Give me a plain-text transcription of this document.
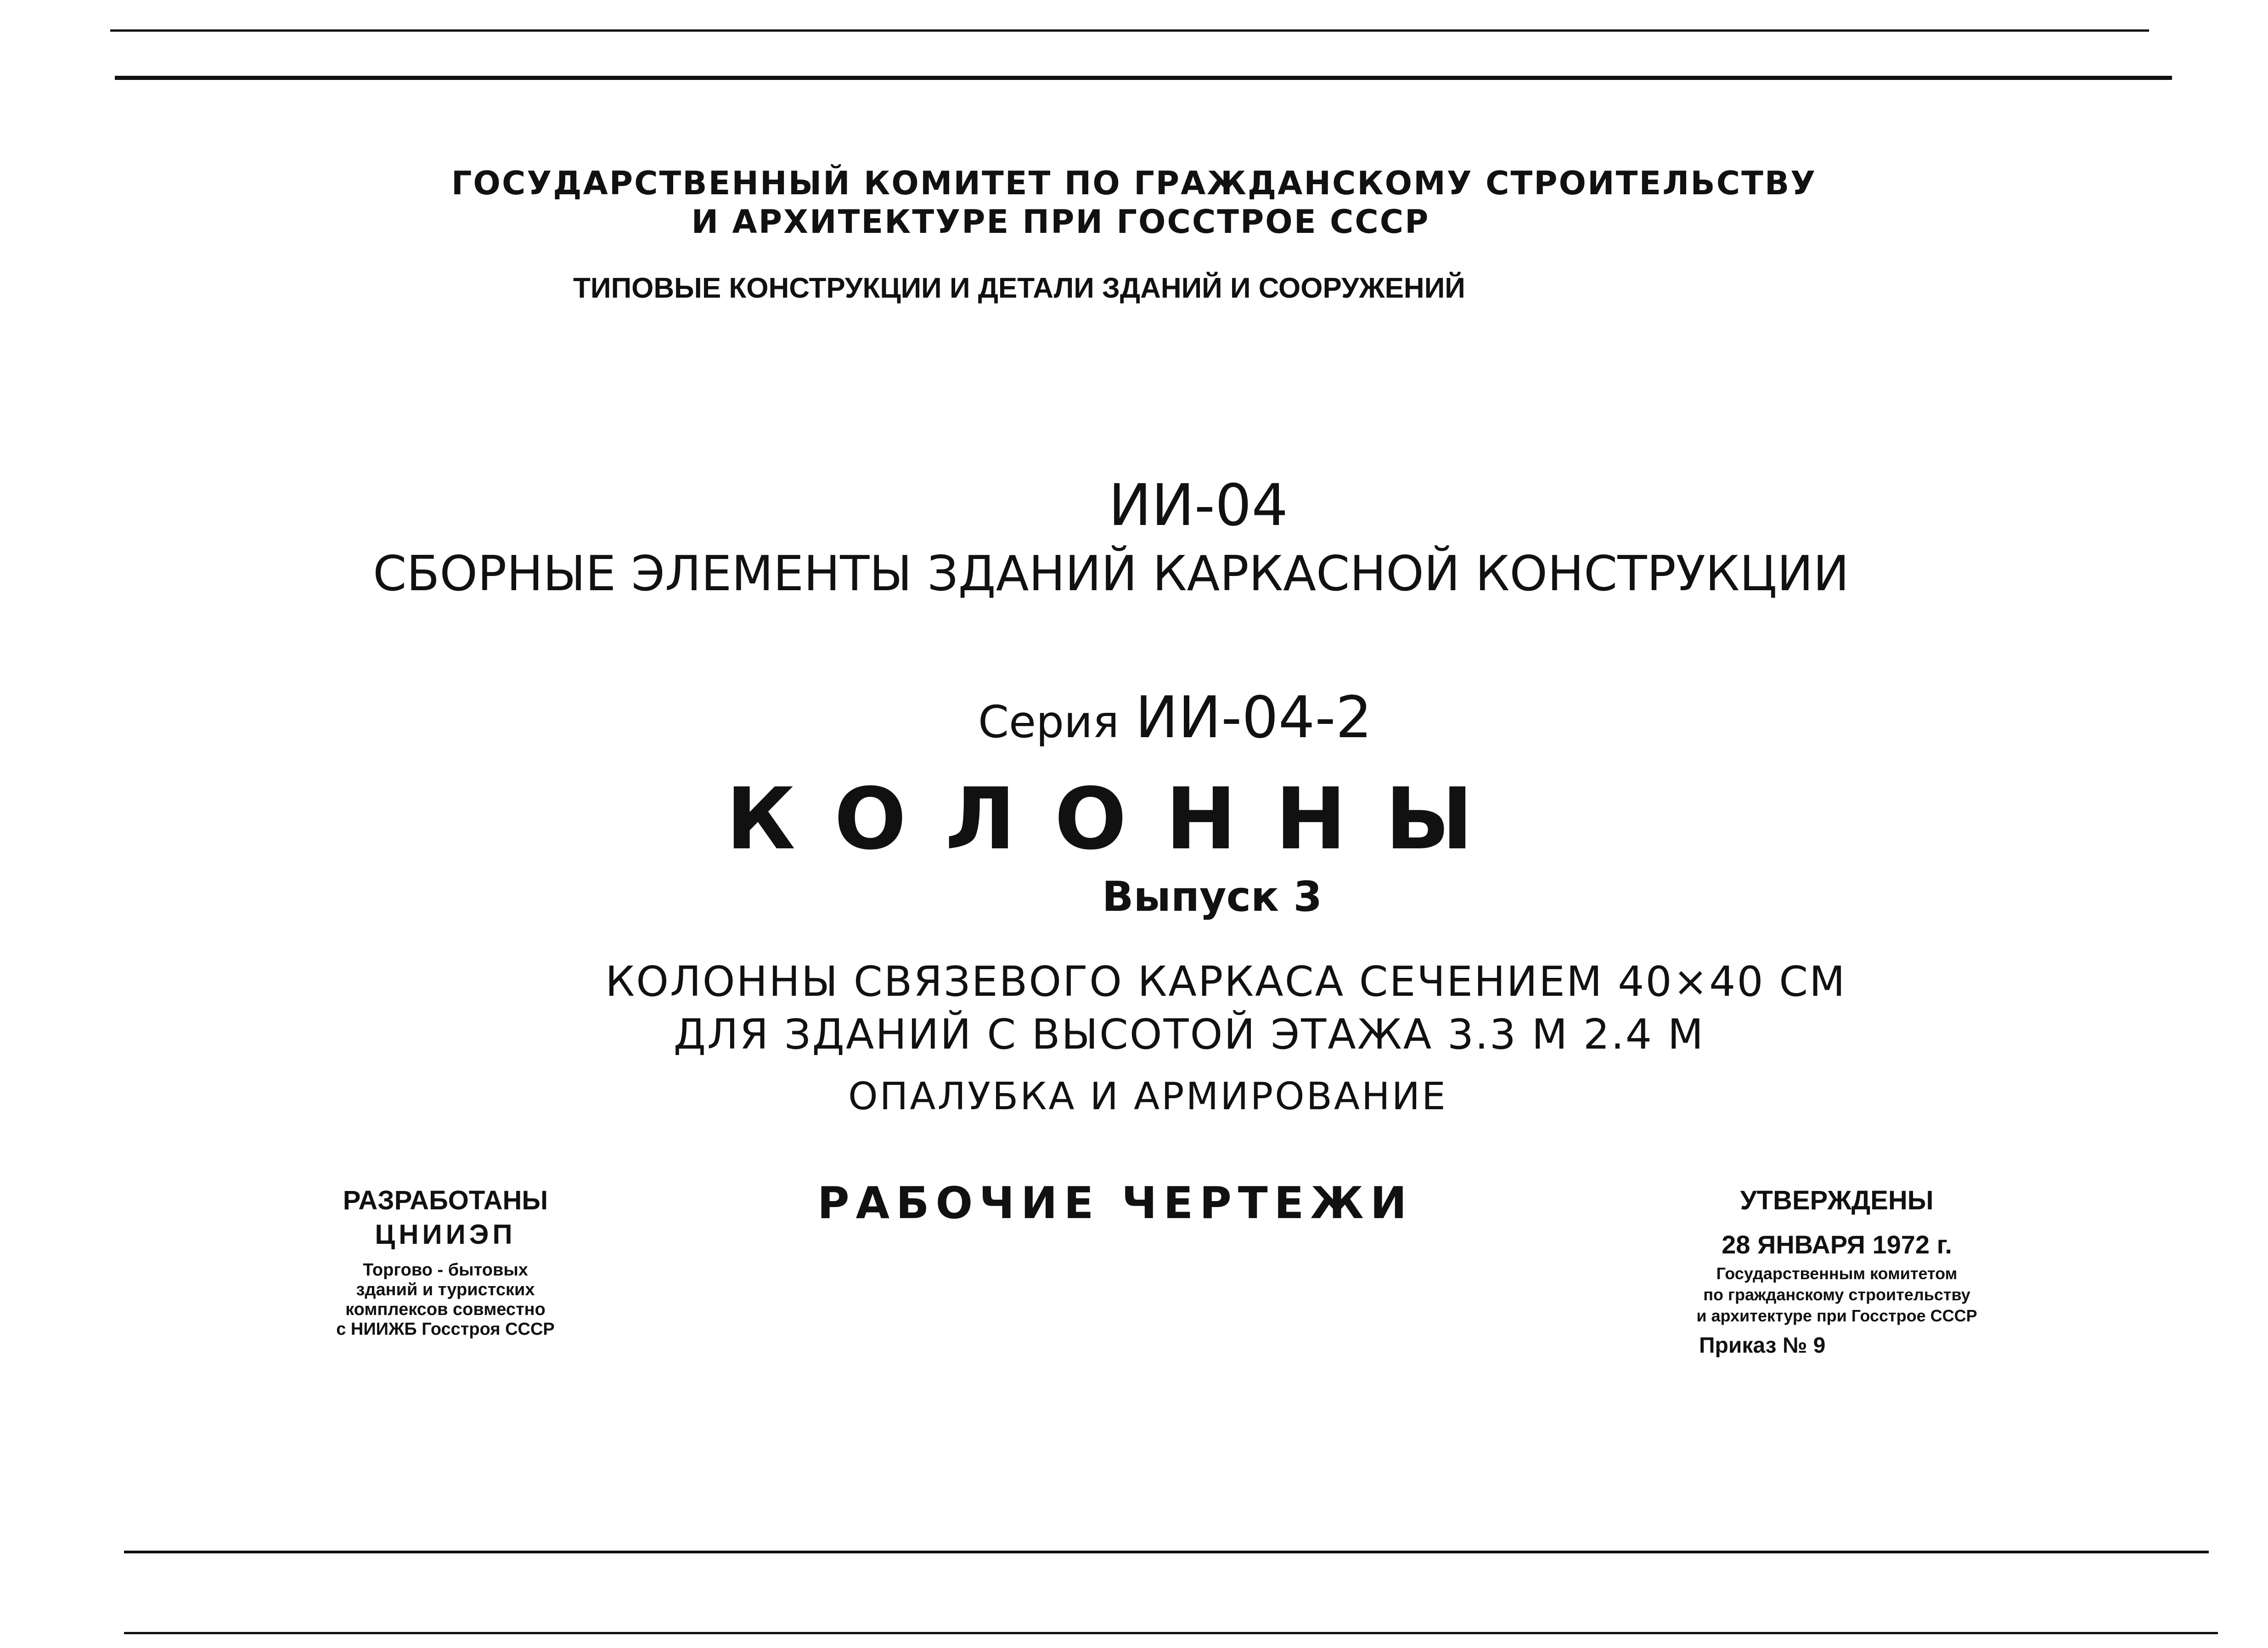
ГОСУДАРСТВЕННЫЙ КОМИТЕТ ПО ГРАЖДАНСКОМУ СТРОИТЕЛЬСТВУ
И АРХИТЕКТУРЕ ПРИ ГОССТРОЕ СССР
ТИПОВЫЕ КОНСТРУКЦИИ И ДЕТАЛИ ЗДАНИЙ И СООРУЖЕНИЙ
ИИ-04
СБОРНЫЕ ЭЛЕМЕНТЫ ЗДАНИЙ КАРКАСНОЙ КОНСТРУКЦИИ
Серия ИИ-04-2
К О Л О Н Н Ы
Выпуск 3
КОЛОННЫ СВЯЗЕВОГО КАРКАСА СЕЧЕНИЕМ 40×40 СМ
ДЛЯ ЗДАНИЙ С ВЫСОТОЙ ЭТАЖА 3.3 М 2.4 М
ОПАЛУБКА И АРМИРОВАНИЕ
РАБОЧИЕ ЧЕРТЕЖИ
РАЗРАБОТАНЫ
ЦНИИЭП
Торгово - бытовых
зданий и туристских
комплексов совместно
с НИИЖБ Госстроя СССР
УТВЕРЖДЕНЫ
28 ЯНВАРЯ 1972 г.
Государственным комитетом
по гражданскому строительству
и архитектуре при Госстрое СССР
Приказ № 9
